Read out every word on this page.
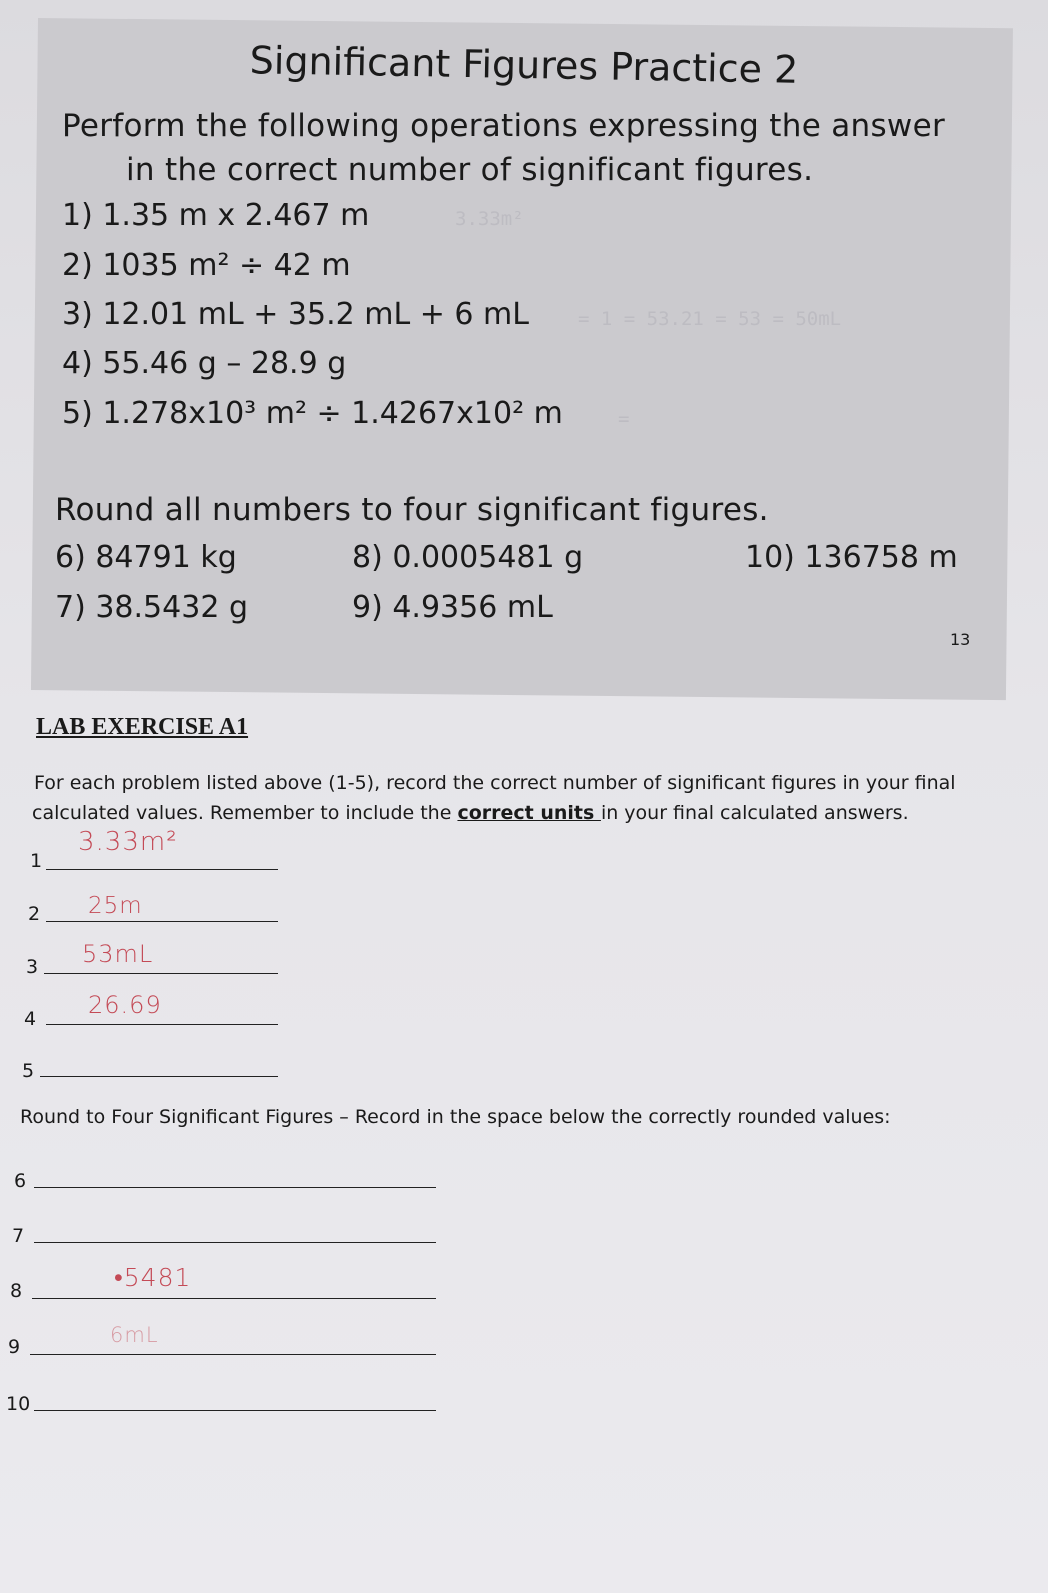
Significant Figures Practice 2
Perform the following operations expressing the answer
in the correct number of significant figures.
1) 1.35 m x 2.467 m	3.33m²
2) 1035 m² ÷ 42 m
3) 12.01 mL + 35.2 mL + 6 mL	= 1 = 53.21 = 53 = 50mL
4) 55.46 g – 28.9 g
5) 1.278x10³ m² ÷ 1.4267x10² m	=
Round all numbers to four significant figures.
6) 84791 kg
7) 38.5432 g
8) 0.0005481 g
9) 4.9356 mL
10) 136758 m
13
LAB EXERCISE A1
For each problem listed above (1-5), record the correct number of significant figures in your final
calculated values. Remember to include the correct units in your final calculated answers.
1
3.33m²
2 25m
3 53mL
4 26.69
5
Round to Four Significant Figures – Record in the space below the correctly rounded values:
6
7
8	•5481
9	6mL
10
